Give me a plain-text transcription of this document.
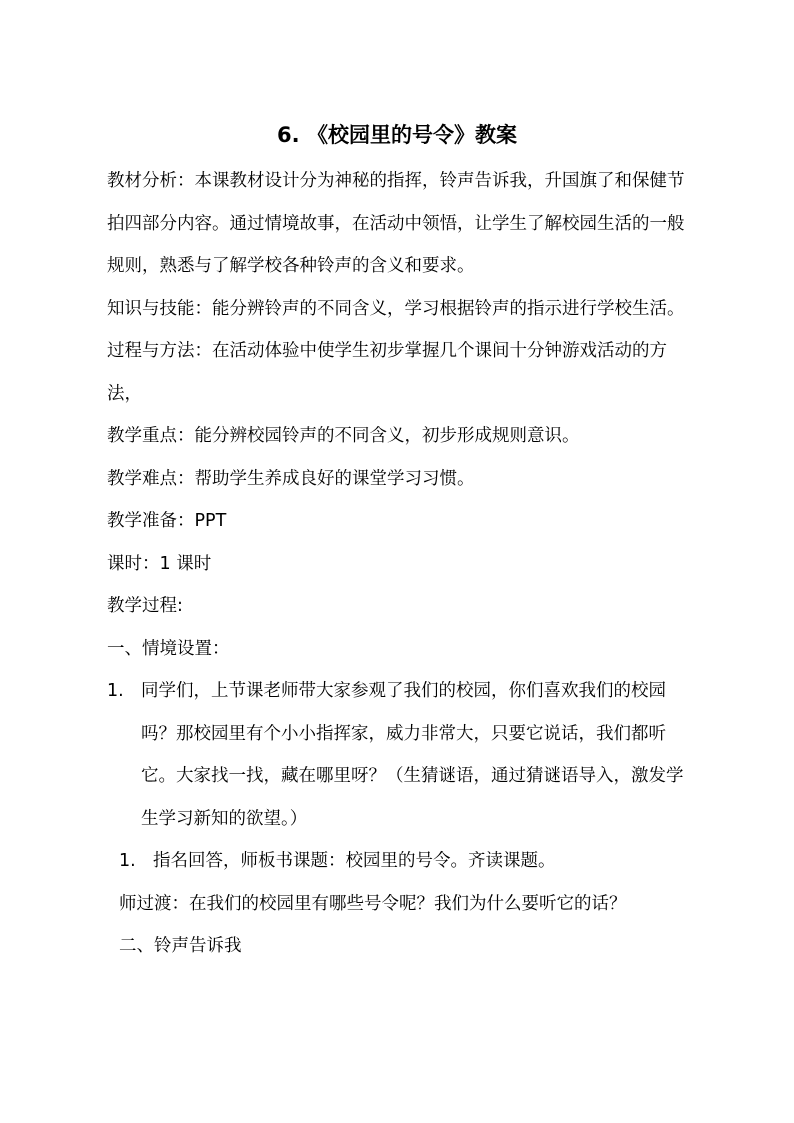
6. 《校园里的号令》教案

教材分析：本课教材设计分为神秘的指挥，铃声告诉我，升国旗了和保健节拍四部分内容。通过情境故事，在活动中领悟，让学生了解校园生活的一般规则，熟悉与了解学校各种铃声的含义和要求。

知识与技能：能分辨铃声的不同含义，学习根据铃声的指示进行学校生活。

过程与方法：在活动体验中使学生初步掌握几个课间十分钟游戏活动的方法，

教学重点：能分辨校园铃声的不同含义，初步形成规则意识。

教学难点：帮助学生养成良好的课堂学习习惯。

教学准备：PPT

课时：1 课时

教学过程:

一、情境设置：

1. 同学们，上节课老师带大家参观了我们的校园，你们喜欢我们的校园吗？那校园里有个小小指挥家，威力非常大，只要它说话，我们都听它。大家找一找，藏在哪里呀？（生猜谜语，通过猜谜语导入，激发学生学习新知的欲望。）
1. 指名回答，师板书课题：校园里的号令。齐读课题。

师过渡：在我们的校园里有哪些号令呢？我们为什么要听它的话？

二、铃声告诉我
